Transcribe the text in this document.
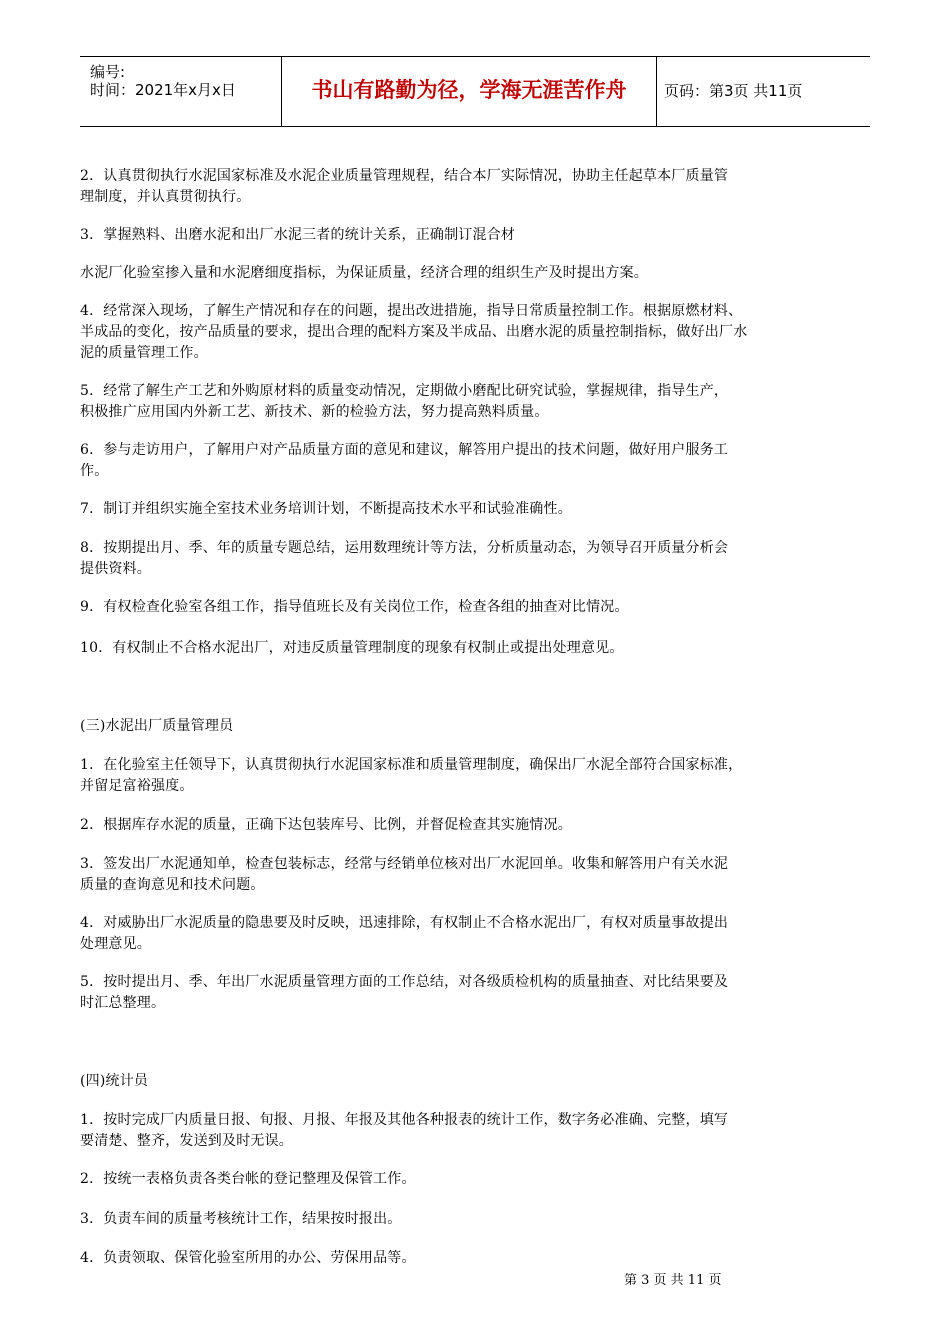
编号:
时间：2021年x月x日	书山有路勤为径，学海无涯苦作舟	页码：第3页 共11页
2．认真贯彻执行水泥国家标准及水泥企业质量管理规程，结合本厂实际情况，协助主任起草本厂质量管
理制度，并认真贯彻执行。
3．掌握熟料、出磨水泥和出厂水泥三者的统计关系，正确制订混合材
水泥厂化验室掺入量和水泥磨细度指标，为保证质量，经济合理的组织生产及时提出方案。
4．经常深入现场，了解生产情况和存在的问题，提出改进措施，指导日常质量控制工作。根据原燃材料、
半成品的变化，按产品质量的要求，提出合理的配料方案及半成品、出磨水泥的质量控制指标，做好出厂水
泥的质量管理工作。
5．经常了解生产工艺和外购原材料的质量变动情况，定期做小磨配比研究试验，掌握规律，指导生产，
积极推广应用国内外新工艺、新技术、新的检验方法，努力提高熟料质量。
6．参与走访用户，了解用户对产品质量方面的意见和建议，解答用户提出的技术问题，做好用户服务工
作。
7．制订并组织实施全室技术业务培训计划，不断提高技术水平和试验准确性。
8．按期提出月、季、年的质量专题总结，运用数理统计等方法，分析质量动态，为领导召开质量分析会
提供资料。
9．有权检查化验室各组工作，指导值班长及有关岗位工作，检查各组的抽查对比情况。
10．有权制止不合格水泥出厂，对违反质量管理制度的现象有权制止或提出处理意见。
(三)水泥出厂质量管理员
1．在化验室主任领导下，认真贯彻执行水泥国家标准和质量管理制度，确保出厂水泥全部符合国家标准，
并留足富裕强度。
2．根据库存水泥的质量，正确下达包装库号、比例，并督促检查其实施情况。
3．签发出厂水泥通知单，检查包装标志，经常与经销单位核对出厂水泥回单。收集和解答用户有关水泥
质量的查询意见和技术问题。
4．对威胁出厂水泥质量的隐患要及时反映，迅速排除，有权制止不合格水泥出厂，有权对质量事故提出
处理意见。
5．按时提出月、季、年出厂水泥质量管理方面的工作总结，对各级质检机构的质量抽查、对比结果要及
时汇总整理。
(四)统计员
1．按时完成厂内质量日报、旬报、月报、年报及其他各种报表的统计工作，数字务必准确、完整，填写
要清楚、整齐，发送到及时无误。
2．按统一表格负责各类台帐的登记整理及保管工作。
3．负责车间的质量考核统计工作，结果按时报出。
4．负责领取、保管化验室所用的办公、劳保用品等。
第 3 页 共 11 页
